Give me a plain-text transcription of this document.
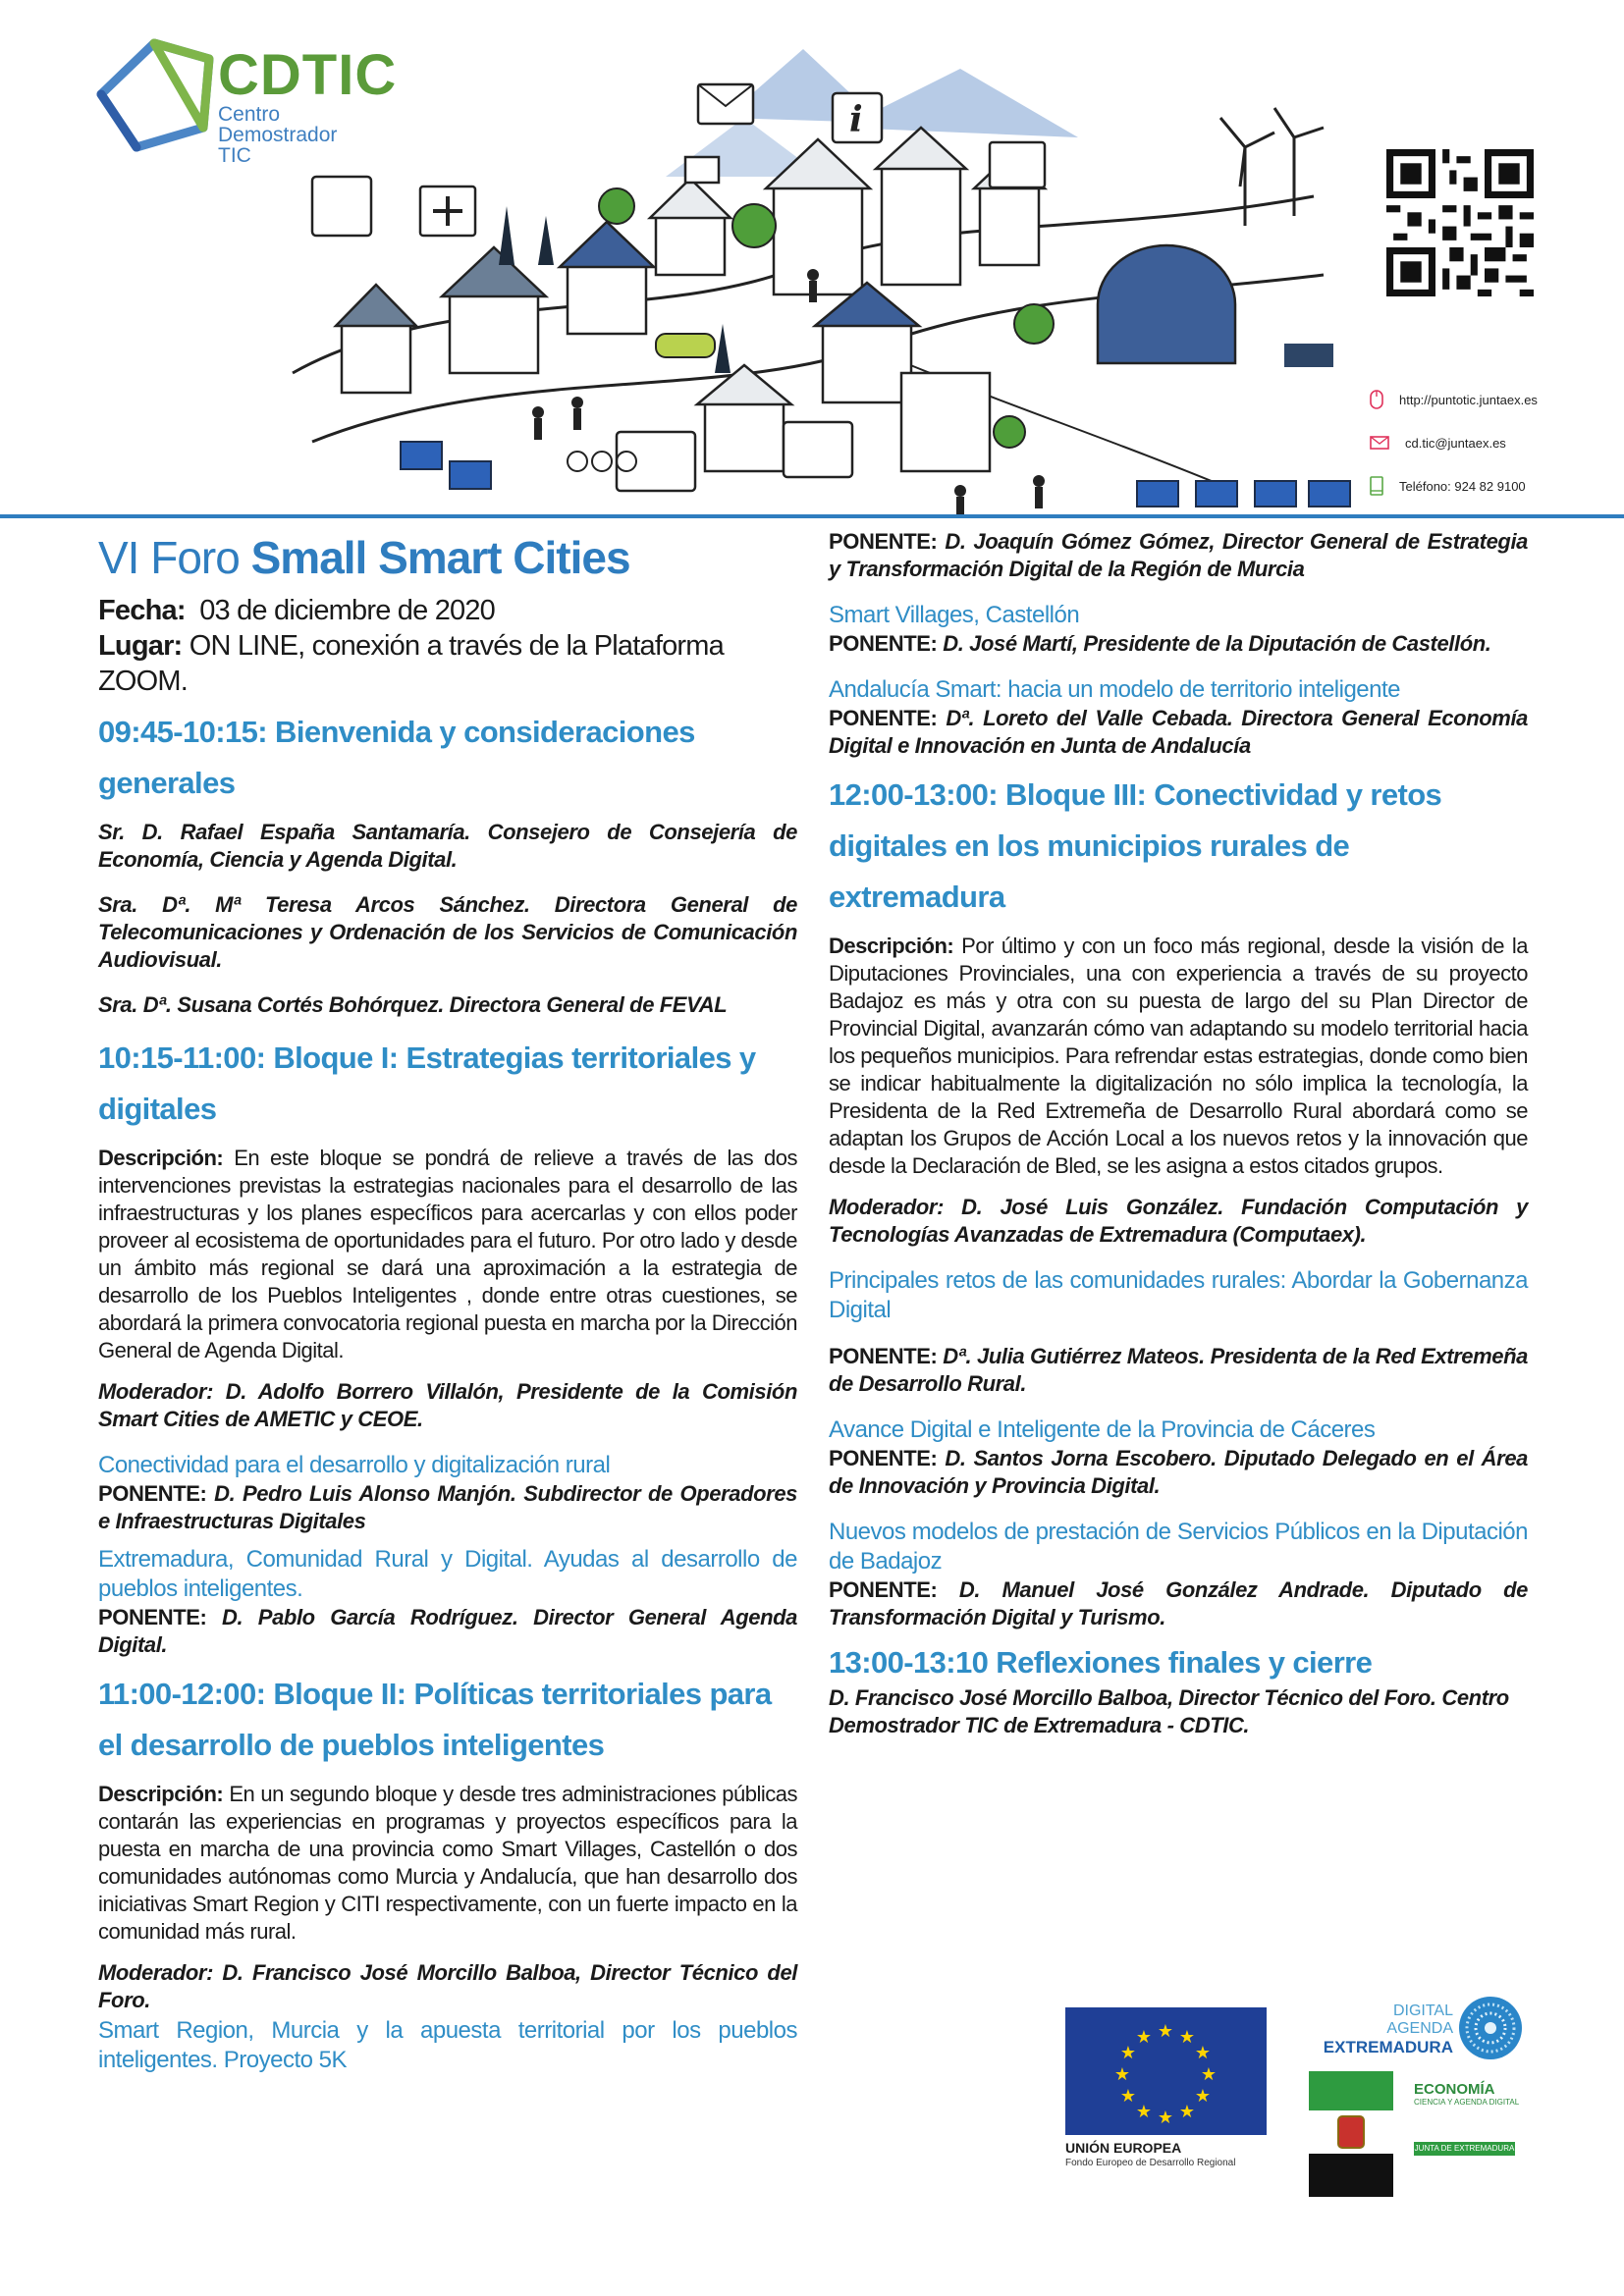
CDTIC
Centro
Demostrador
TIC
i
http://puntotic.juntaex.es
cd.tic@juntaex.es
Teléfono: 924 82 9100
VI Foro Small Smart Cities
Fecha: 03 de diciembre de 2020
Lugar: ON LINE, conexión a través de la Plataforma ZOOM.
09:45-10:15: Bienvenida y consideraciones generales
Sr. D. Rafael España Santamaría. Consejero de Consejería de Economía, Ciencia y Agenda Digital.
Sra. Dª. Mª Teresa Arcos Sánchez. Directora General de Telecomunicaciones y Ordenación de los Servicios de Comunicación Audiovisual.
Sra. Dª. Susana Cortés Bohórquez. Directora General de FEVAL
10:15-11:00: Bloque I: Estrategias territoriales y digitales
Descripción: En este bloque se pondrá de relieve a través de las dos intervenciones previstas la estrategias nacionales para el desarrollo de las infraestructuras y los planes específicos para acercarlas y con ellos poder proveer al ecosistema de oportunidades para el futuro. Por otro lado y desde un ámbito más regional se dará una aproximación a la estrategia de desarrollo de los Pueblos Inteligentes , donde entre otras cuestiones, se abordará la primera convocatoria regional puesta en marcha por la Dirección General de Agenda Digital.
Moderador: D. Adolfo Borrero Villalón, Presidente de la Comisión Smart Cities de AMETIC y CEOE.
Conectividad para el desarrollo y digitalización rural
PONENTE: D. Pedro Luis Alonso Manjón. Subdirector de Operadores e Infraestructuras Digitales
Extremadura, Comunidad Rural y Digital. Ayudas al desarrollo de pueblos inteligentes.
PONENTE: D. Pablo García Rodríguez. Director General Agenda Digital.
11:00-12:00: Bloque II: Políticas territoriales para el desarrollo de pueblos inteligentes
Descripción: En un segundo bloque y desde tres administraciones públicas contarán las experiencias en programas y proyectos específicos para la puesta en marcha de una provincia como Smart Villages, Castellón o dos comunidades autónomas como Murcia y Andalucía, que han desarrollo dos iniciativas Smart Region y CITI respectivamente, con un fuerte impacto en la comunidad más rural.
Moderador: D. Francisco José Morcillo Balboa, Director Técnico del Foro.
Smart Region, Murcia y la apuesta territorial por los pueblos inteligentes. Proyecto 5K
PONENTE: D. Joaquín Gómez Gómez, Director General de Estrategia y Transformación Digital de la Región de Murcia
Smart Villages, Castellón
PONENTE: D. José Martí, Presidente de la Diputación de Castellón.
Andalucía Smart: hacia un modelo de territorio inteligente
PONENTE: Dª. Loreto del Valle Cebada. Directora General Economía Digital e Innovación en Junta de Andalucía
12:00-13:00: Bloque III: Conectividad y retos digitales en los municipios rurales de extremadura
Descripción: Por último y con un foco más regional, desde la visión de la Diputaciones Provinciales, una con experiencia a través de su proyecto Badajoz es más y otra con su puesta de largo del su Plan Director de Provincial Digital, avanzarán cómo van adaptando su modelo territorial hacia los pequeños municipios. Para refrendar estas estrategias, donde como bien se indicar habitualmente la digitalización no sólo implica la tecnología, la Presidenta de la Red Extremeña de Desarrollo Rural abordará como se adaptan los Grupos de Acción Local a los nuevos retos y la innovación que desde la Declaración de Bled, se les asigna a estos citados grupos.
Moderador: D. José Luis González. Fundación Computación y Tecnologías Avanzadas de Extremadura (Computaex).
Principales retos de las comunidades rurales: Abordar la Gobernanza Digital
PONENTE: Dª. Julia Gutiérrez Mateos. Presidenta de la Red Extremeña de Desarrollo Rural.
Avance Digital e Inteligente de la Provincia de Cáceres
PONENTE: D. Santos Jorna Escobero. Diputado Delegado en el Área de Innovación y Provincia Digital.
Nuevos modelos de prestación de Servicios Públicos en la Diputación de Badajoz
PONENTE: D. Manuel José González Andrade. Diputado de Transformación Digital y Turismo.
13:00-13:10 Reflexiones finales y cierre
D. Francisco José Morcillo Balboa, Director Técnico del Foro. Centro Demostrador TIC de Extremadura - CDTIC.
★ ★
★
★
★
★
★
★
★
★
★
★
UNIÓN EUROPEA
Fondo Europeo de Desarrollo Regional
DIGITAL
AGENDA
EXTREMADURA
ECONOMÍA
CIENCIA Y AGENDA DIGITAL
JUNTA DE EXTREMADURA
